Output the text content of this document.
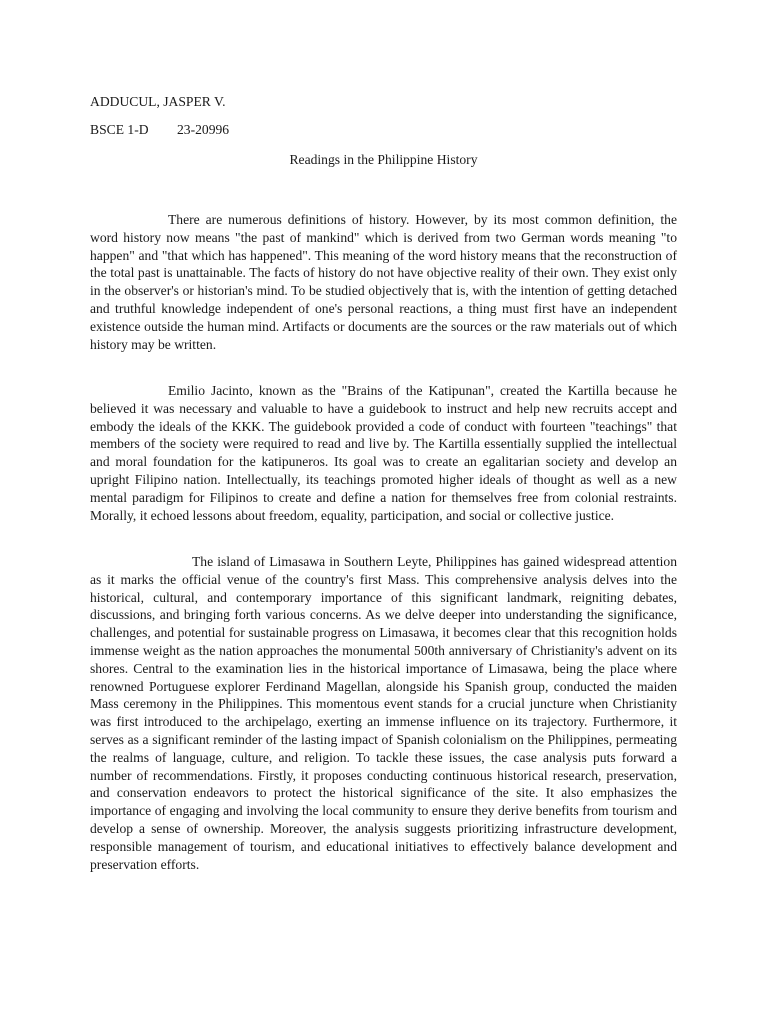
ADDUCUL, JASPER V.
BSCE 1-D 23-20996
Readings in the Philippine History

There are numerous definitions of history. However, by its most common definition, the word history now means "the past of mankind" which is derived from two German words meaning "to happen" and "that which has happened". This meaning of the word history means that the reconstruction of the total past is unattainable. The facts of history do not have objective reality of their own. They exist only in the observer's or historian's mind. To be studied objectively that is, with the intention of getting detached and truthful knowledge independent of one's personal reactions, a thing must first have an independent existence outside the human mind. Artifacts or documents are the sources or the raw materials out of which history may be written.

Emilio Jacinto, known as the "Brains of the Katipunan", created the Kartilla because he believed it was necessary and valuable to have a guidebook to instruct and help new recruits accept and embody the ideals of the KKK. The guidebook provided a code of conduct with fourteen "teachings" that members of the society were required to read and live by. The Kartilla essentially supplied the intellectual and moral foundation for the katipuneros. Its goal was to create an egalitarian society and develop an upright Filipino nation. Intellectually, its teachings promoted higher ideals of thought as well as a new mental paradigm for Filipinos to create and define a nation for themselves free from colonial restraints. Morally, it echoed lessons about freedom, equality, participation, and social or collective justice.

The island of Limasawa in Southern Leyte, Philippines has gained widespread attention as it marks the official venue of the country's first Mass. This comprehensive analysis delves into the historical, cultural, and contemporary importance of this significant landmark, reigniting debates, discussions, and bringing forth various concerns. As we delve deeper into understanding the significance, challenges, and potential for sustainable progress on Limasawa, it becomes clear that this recognition holds immense weight as the nation approaches the monumental 500th anniversary of Christianity's advent on its shores. Central to the examination lies in the historical importance of Limasawa, being the place where renowned Portuguese explorer Ferdinand Magellan, alongside his Spanish group, conducted the maiden Mass ceremony in the Philippines. This momentous event stands for a crucial juncture when Christianity was first introduced to the archipelago, exerting an immense influence on its trajectory. Furthermore, it serves as a significant reminder of the lasting impact of Spanish colonialism on the Philippines, permeating the realms of language, culture, and religion. To tackle these issues, the case analysis puts forward a number of recommendations. Firstly, it proposes conducting continuous historical research, preservation, and conservation endeavors to protect the historical significance of the site. It also emphasizes the importance of engaging and involving the local community to ensure they derive benefits from tourism and develop a sense of ownership. Moreover, the analysis suggests prioritizing infrastructure development, responsible management of tourism, and educational initiatives to effectively balance development and preservation efforts.
